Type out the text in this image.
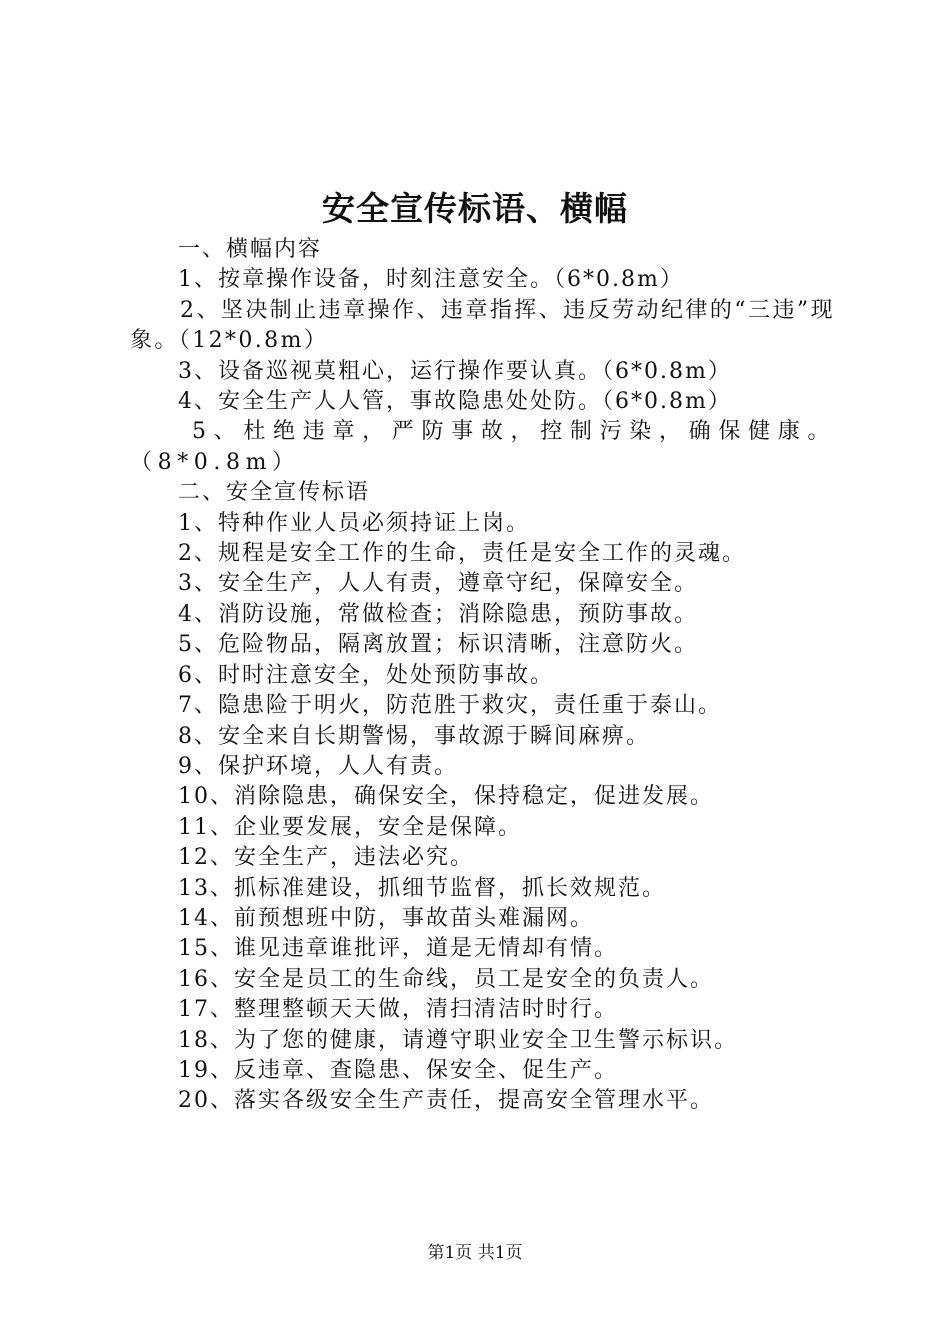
安全宣传标语、横幅
一、横幅内容
1、按章操作设备，时刻注意安全。（6*0.8m）
2、坚决制止违章操作、违章指挥、违反劳动纪律的“三违”现象。（12*0.8m）
3、设备巡视莫粗心，运行操作要认真。（6*0.8m）
4、安全生产人人管，事故隐患处处防。（6*0.8m）
5、杜绝违章，严防事故，控制污染，确保健康。（8*0.8m）
二、安全宣传标语
1、特种作业人员必须持证上岗。
2、规程是安全工作的生命，责任是安全工作的灵魂。
3、安全生产，人人有责，遵章守纪，保障安全。
4、消防设施，常做检查；消除隐患，预防事故。
5、危险物品，隔离放置；标识清晰，注意防火。
6、时时注意安全，处处预防事故。
7、隐患险于明火，防范胜于救灾，责任重于泰山。
8、安全来自长期警惕，事故源于瞬间麻痹。
9、保护环境，人人有责。
10、消除隐患，确保安全，保持稳定，促进发展。
11、企业要发展，安全是保障。
12、安全生产，违法必究。
13、抓标准建设，抓细节监督，抓长效规范。
14、前预想班中防，事故苗头难漏网。
15、谁见违章谁批评，道是无情却有情。
16、安全是员工的生命线，员工是安全的负责人。
17、整理整顿天天做，清扫清洁时时行。
18、为了您的健康，请遵守职业安全卫生警示标识。
19、反违章、查隐患、保安全、促生产。
20、落实各级安全生产责任，提高安全管理水平。
第1页 共1页
